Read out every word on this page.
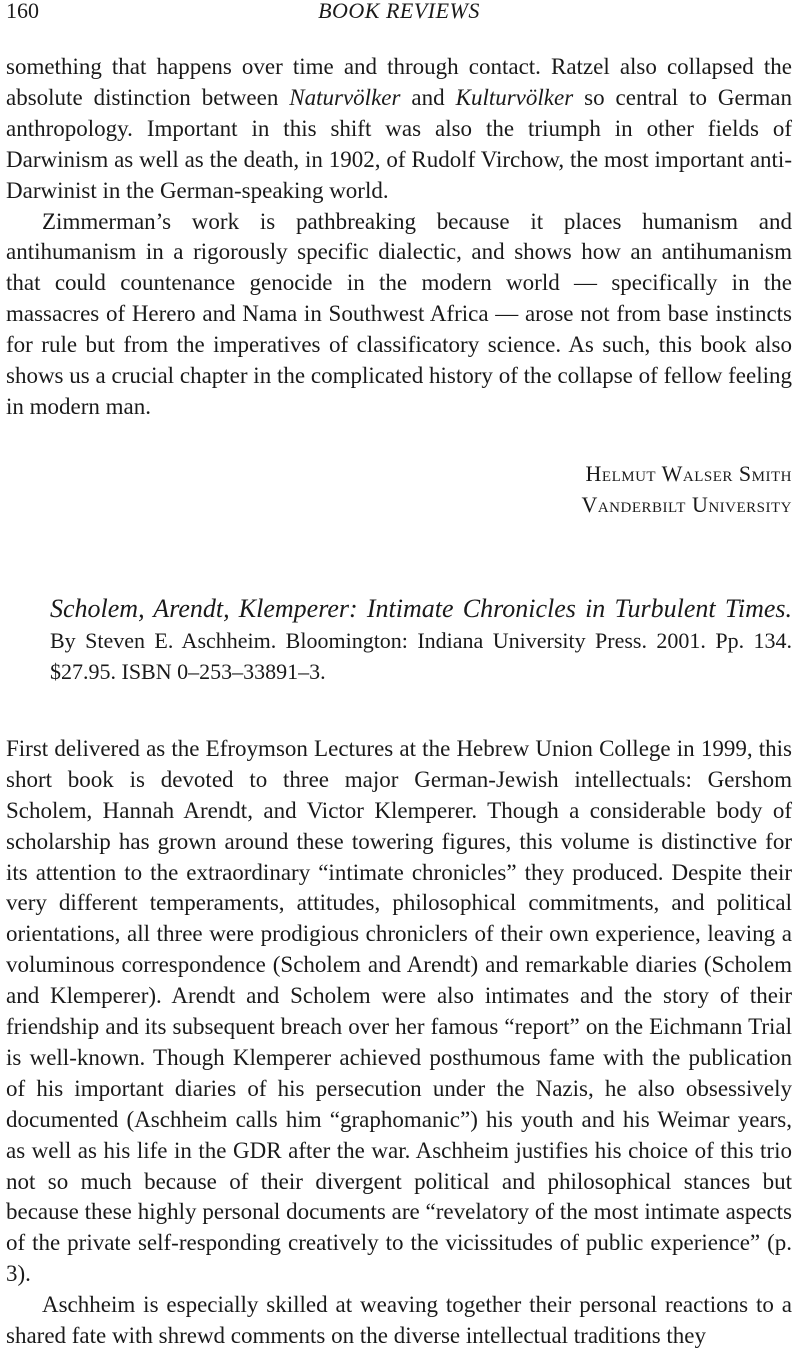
160	BOOK REVIEWS

something that happens over time and through contact. Ratzel also collapsed the absolute distinction between Naturvölker and Kulturvölker so central to German anthropology. Important in this shift was also the triumph in other fields of Darwinism as well as the death, in 1902, of Rudolf Virchow, the most important anti-Darwinist in the German-speaking world.

Zimmerman’s work is pathbreaking because it places humanism and antihumanism in a rigorously specific dialectic, and shows how an antihumanism that could countenance genocide in the modern world — specifically in the massacres of Herero and Nama in Southwest Africa — arose not from base instincts for rule but from the imperatives of classificatory science. As such, this book also shows us a crucial chapter in the complicated history of the collapse of fellow feeling in modern man.

Helmut Walser Smith
Vanderbilt University
Scholem, Arendt, Klemperer: Intimate Chronicles in Turbulent Times. By Steven E. Aschheim. Bloomington: Indiana University Press. 2001. Pp. 134. $27.95. ISBN 0–253–33891–3.

First delivered as the Efroymson Lectures at the Hebrew Union College in 1999, this short book is devoted to three major German-Jewish intellectuals: Gershom Scholem, Hannah Arendt, and Victor Klemperer. Though a considerable body of scholarship has grown around these towering figures, this volume is distinctive for its attention to the extraordinary “intimate chronicles” they produced. Despite their very different temperaments, attitudes, philosophical commitments, and political orientations, all three were prodigious chroniclers of their own experience, leaving a voluminous correspondence (Scholem and Arendt) and remarkable diaries (Scholem and Klemperer). Arendt and Scholem were also intimates and the story of their friendship and its subsequent breach over her famous “report” on the Eichmann Trial is well-known. Though Klemperer achieved posthumous fame with the publication of his important diaries of his persecution under the Nazis, he also obsessively documented (Aschheim calls him “graphomanic”) his youth and his Weimar years, as well as his life in the GDR after the war. Aschheim justifies his choice of this trio not so much because of their divergent political and philosophical stances but because these highly personal documents are “revelatory of the most intimate aspects of the private self-responding creatively to the vicissitudes of public experience” (p. 3).

Aschheim is especially skilled at weaving together their personal reactions to a shared fate with shrewd comments on the diverse intellectual traditions they
